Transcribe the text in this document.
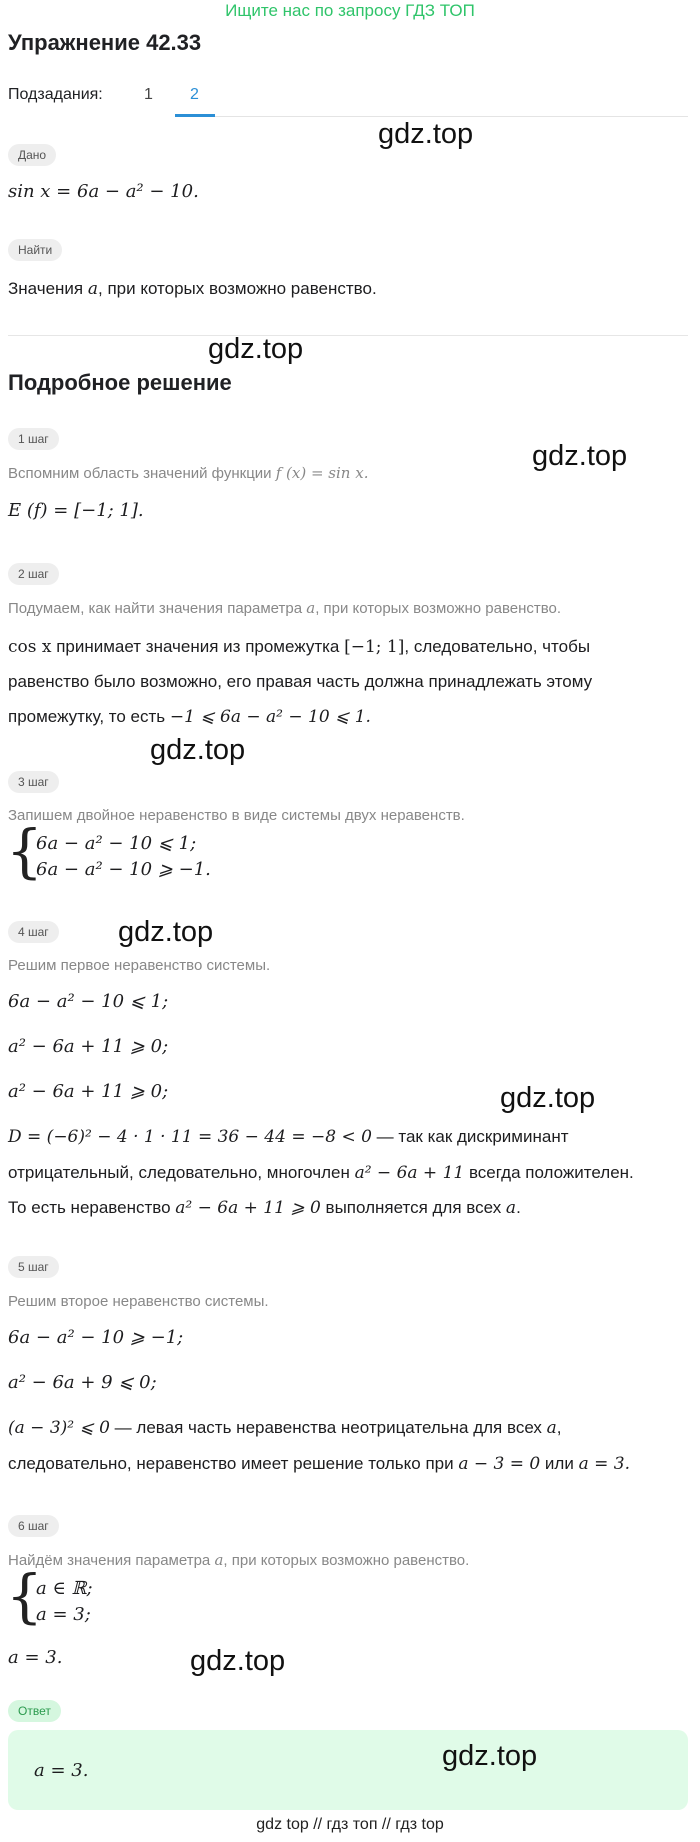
Ищите нас по запросу ГДЗ ТОП
Упражнение 42.33
Подзадания:	1 2
Дано
sin x = 6a − a² − 10.
Найти
Значения a, при которых возможно равенство.
Подробное решение
1 шаг
Вспомним область значений функции f (x) = sin x.
E (f) = [−1; 1].
2 шаг
Подумаем, как найти значения параметра a, при которых возможно равенство.
cos x принимает значения из промежутка [−1; 1], следовательно, чтобы
равенство было возможно, его правая часть должна принадлежать этому
промежутку, то есть −1 ⩽ 6a − a² − 10 ⩽ 1.
3 шаг
Запишем двойное неравенство в виде системы двух неравенств.
{
6a − a² − 10 ⩽ 1;
6a − a² − 10 ⩾ −1.
4 шаг
Решим первое неравенство системы.
6a − a² − 10 ⩽ 1;
a² − 6a + 11 ⩾ 0;
a² − 6a + 11 ⩾ 0;
D = (−6)² − 4 · 1 · 11 = 36 − 44 = −8 < 0 — так как дискриминант
отрицательный, следовательно, многочлен a² − 6a + 11 всегда положителен.
То есть неравенство a² − 6a + 11 ⩾ 0 выполняется для всех a.
5 шаг
Решим второе неравенство системы.
6a − a² − 10 ⩾ −1;
a² − 6a + 9 ⩽ 0;
(a − 3)² ⩽ 0 — левая часть неравенства неотрицательна для всех a,
следовательно, неравенство имеет решение только при a − 3 = 0 или a = 3.
6 шаг
Найдём значения параметра a, при которых возможно равенство.
{
a ∈ ℝ;
a = 3;
a = 3.
Ответ
a = 3.
gdz.top
gdz.top
gdz.top
gdz.top
gdz.top
gdz.top
gdz.top
gdz.top
gdz top // гдз топ // гдз top
